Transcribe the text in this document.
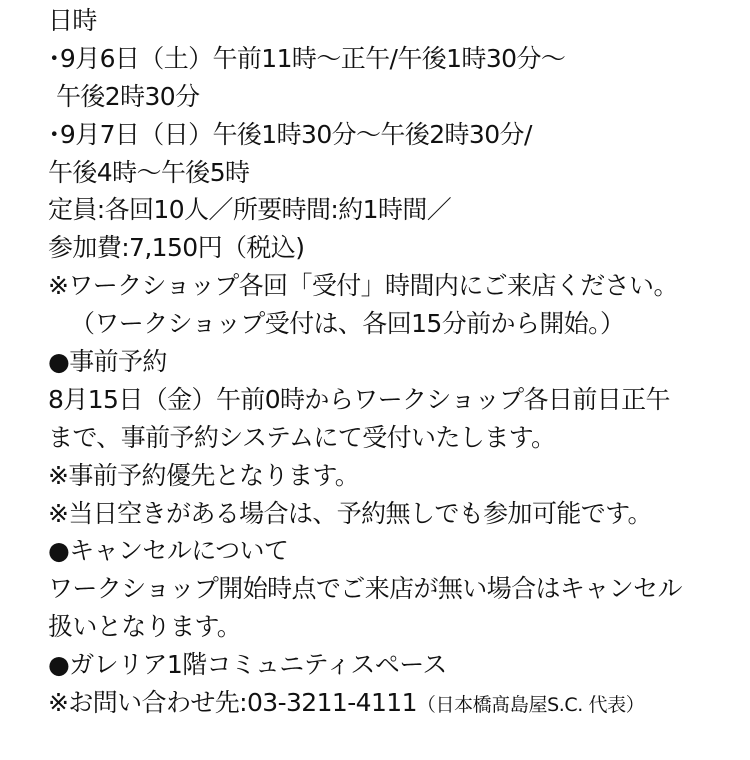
日時
･9月6日（土）午前11時〜正午/午後1時30分〜
午後2時30分
･9月7日（日）午後1時30分〜午後2時30分/
午後4時〜午後5時
定員:各回10人／所要時間:約1時間／
参加費:7,150円（税込)
※ワークショップ各回「受付」時間内にご来店ください。
（ワークショップ受付は、各回15分前から開始。）
●事前予約
8月15日（金）午前0時からワークショップ各日前日正午
まで、事前予約システムにて受付いたします。
※事前予約優先となります。
※当日空きがある場合は、予約無しでも参加可能です。
●キャンセルについて
ワークショップ開始時点でご来店が無い場合はキャンセル
扱いとなります。
●ガレリア1階コミュニティスペース
※お問い合わせ先:03-3211-4111（日本橋髙島屋S.C. 代表）
